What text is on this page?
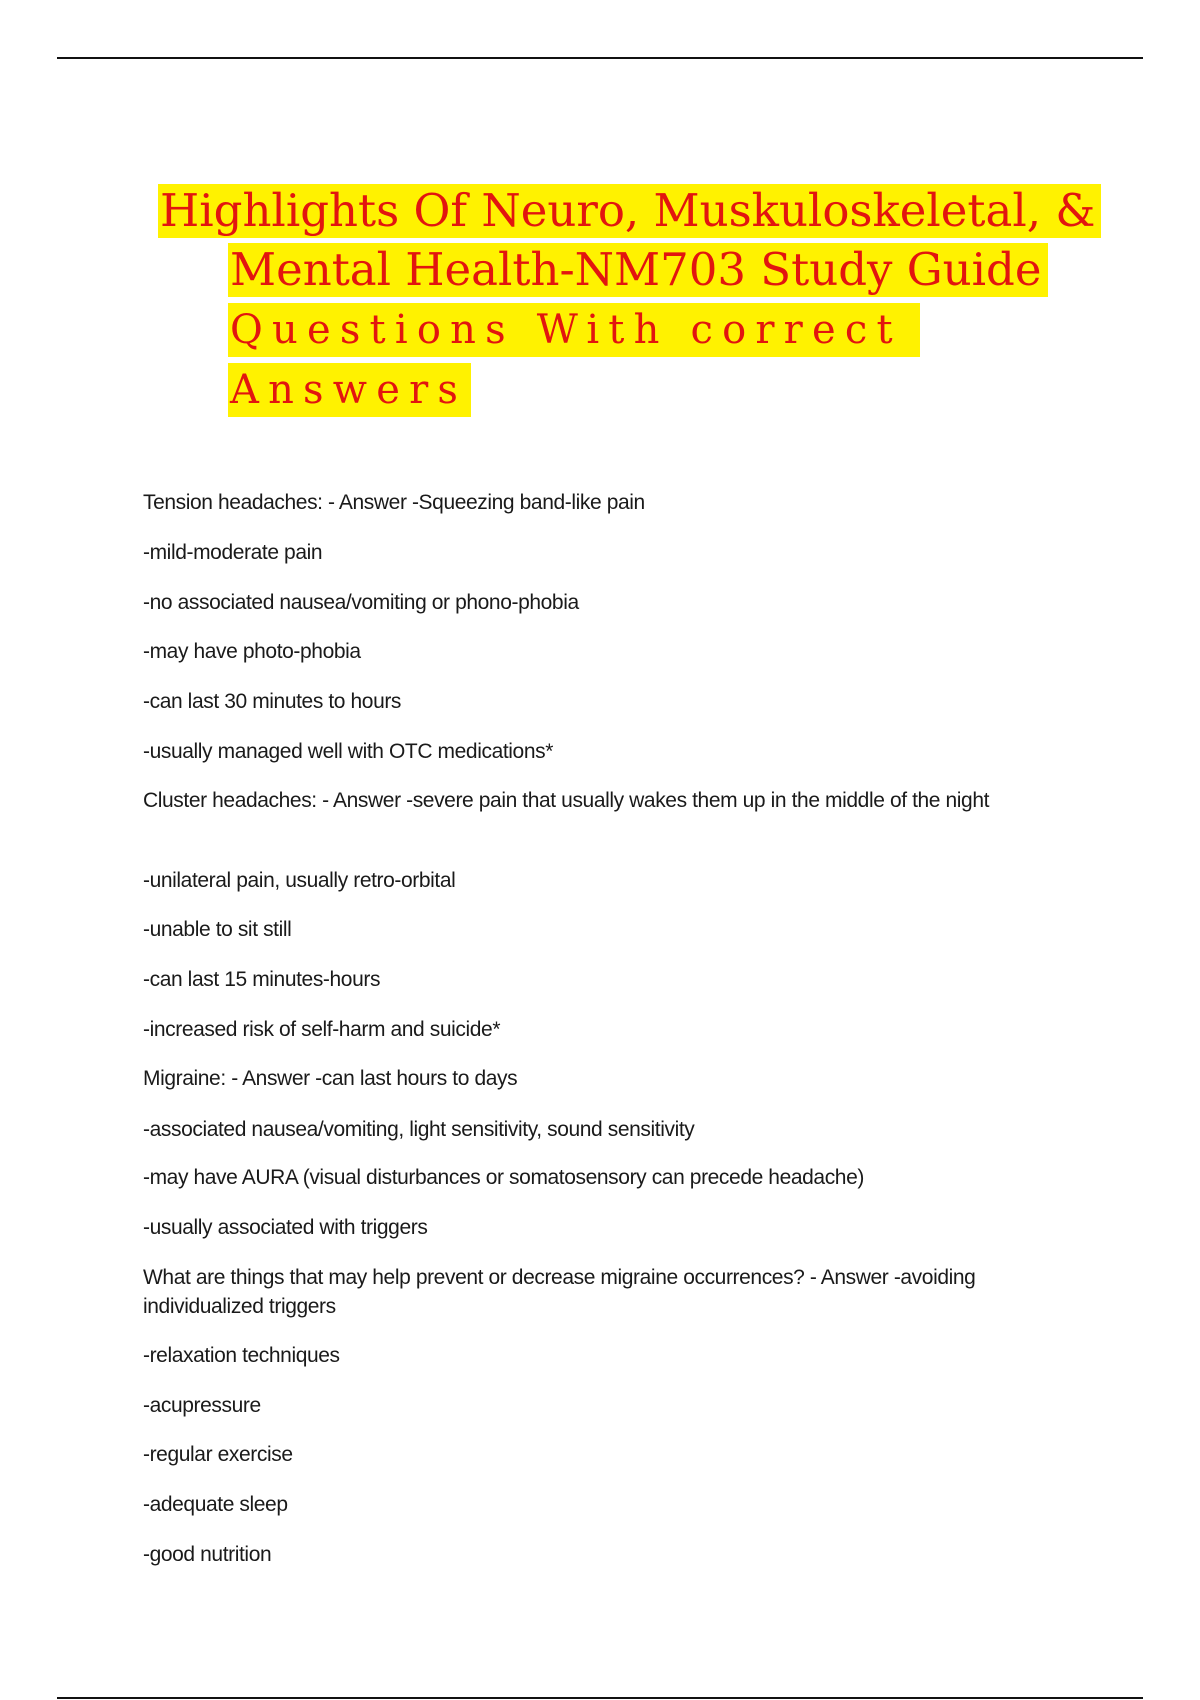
Highlights Of Neuro, Muskuloskeletal, &
Mental Health-NM703 Study Guide
Questions With correct
Answers
Tension headaches: - Answer -Squeezing band-like pain
-mild-moderate pain
-no associated nausea/vomiting or phono-phobia
-may have photo-phobia
-can last 30 minutes to hours
-usually managed well with OTC medications*
Cluster headaches: - Answer -severe pain that usually wakes them up in the middle of the night
-unilateral pain, usually retro-orbital
-unable to sit still
-can last 15 minutes-hours
-increased risk of self-harm and suicide*
Migraine: - Answer -can last hours to days
-associated nausea/vomiting, light sensitivity, sound sensitivity
-may have AURA (visual disturbances or somatosensory can precede headache)
-usually associated with triggers
What are things that may help prevent or decrease migraine occurrences? - Answer -avoiding individualized triggers
-relaxation techniques
-acupressure
-regular exercise
-adequate sleep
-good nutrition
